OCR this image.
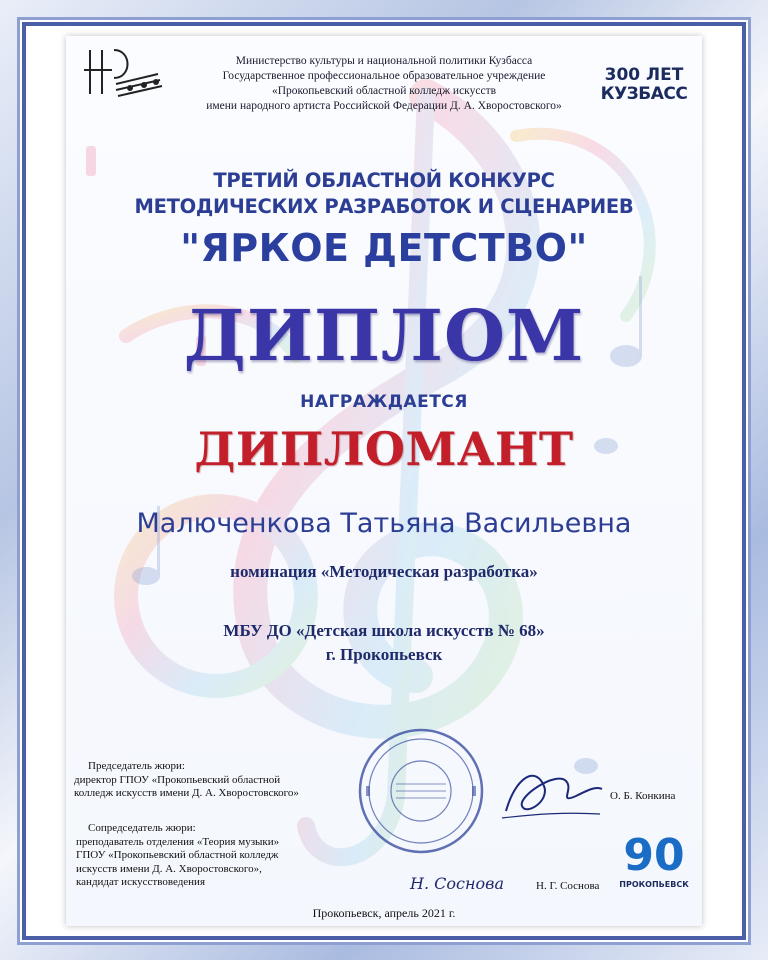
300 ЛЕТ
КУЗБАСС
Министерство культуры и национальной политики Кузбасса
Государственное профессиональное образовательное учреждение
«Прокопьевский областной колледж искусств
имени народного артиста Российской Федерации Д. А. Хворостовского»
ТРЕТИЙ ОБЛАСТНОЙ КОНКУРС
МЕТОДИЧЕСКИХ РАЗРАБОТОК И СЦЕНАРИЕВ
"ЯРКОЕ ДЕТСТВО"
ДИПЛОМ
НАГРАЖДАЕТСЯ
ДИПЛОМАНТ
Малюченкова Татьяна Васильевна
номинация «Методическая разработка»
МБУ ДО «Детская школа искусств № 68»
г. Прокопьевск
Председатель жюри:
директор ГПОУ «Прокопьевский областной
колледж искусств имени Д. А. Хворостовского»
Сопредседатель жюри:
преподаватель отделения «Теория музыки»
ГПОУ «Прокопьевский областной колледж
искусств имени Д. А. Хворостовского»,
кандидат искусствоведения
О. Б. Конкина
Н. Соснова	Н. Г. Соснова
Прокопьевск, апрель 2021 г.
90
ПРОКОПЬЕВСК
